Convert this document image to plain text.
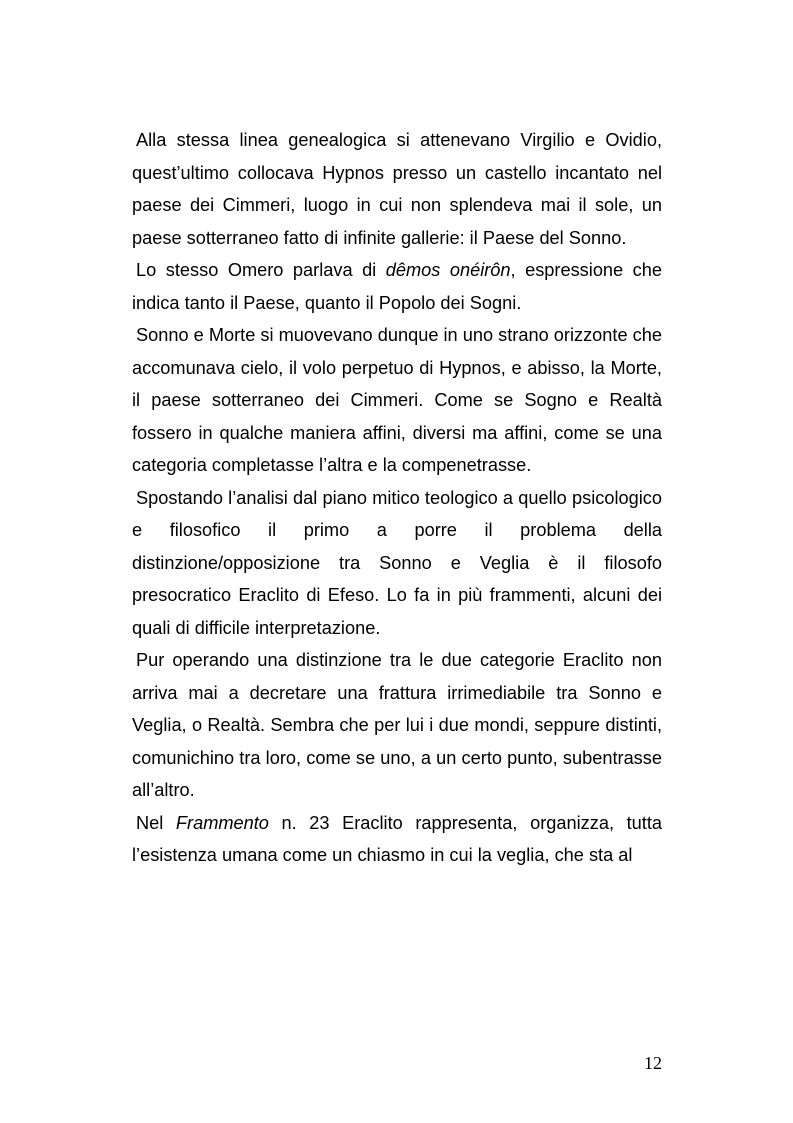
Alla stessa linea genealogica si attenevano Virgilio e Ovidio, quest’ultimo collocava Hypnos presso un castello incantato nel paese dei Cimmeri, luogo in cui non splendeva mai il sole, un paese sotterraneo fatto di infinite gallerie: il Paese del Sonno.

Lo stesso Omero parlava di dêmos onéirôn, espressione che indica tanto il Paese, quanto il Popolo dei Sogni.

Sonno e Morte si muovevano dunque in uno strano orizzonte che accomunava cielo, il volo perpetuo di Hypnos, e abisso, la Morte, il paese sotterraneo dei Cimmeri. Come se Sogno e Realtà fossero in qualche maniera affini, diversi ma affini, come se una categoria completasse l’altra e la compenetrasse.

Spostando l’analisi dal piano mitico teologico a quello psicologico e filosofico il primo a porre il problema della distinzione/opposizione tra Sonno e Veglia è il filosofo presocratico Eraclito di Efeso. Lo fa in più frammenti, alcuni dei quali di difficile interpretazione.

Pur operando una distinzione tra le due categorie Eraclito non arriva mai a decretare una frattura irrimediabile tra Sonno e Veglia, o Realtà. Sembra che per lui i due mondi, seppure distinti, comunichino tra loro, come se uno, a un certo punto, subentrasse all’altro.

Nel Frammento n. 23 Eraclito rappresenta, organizza, tutta l’esistenza umana come un chiasmo in cui la veglia, che sta al

12
